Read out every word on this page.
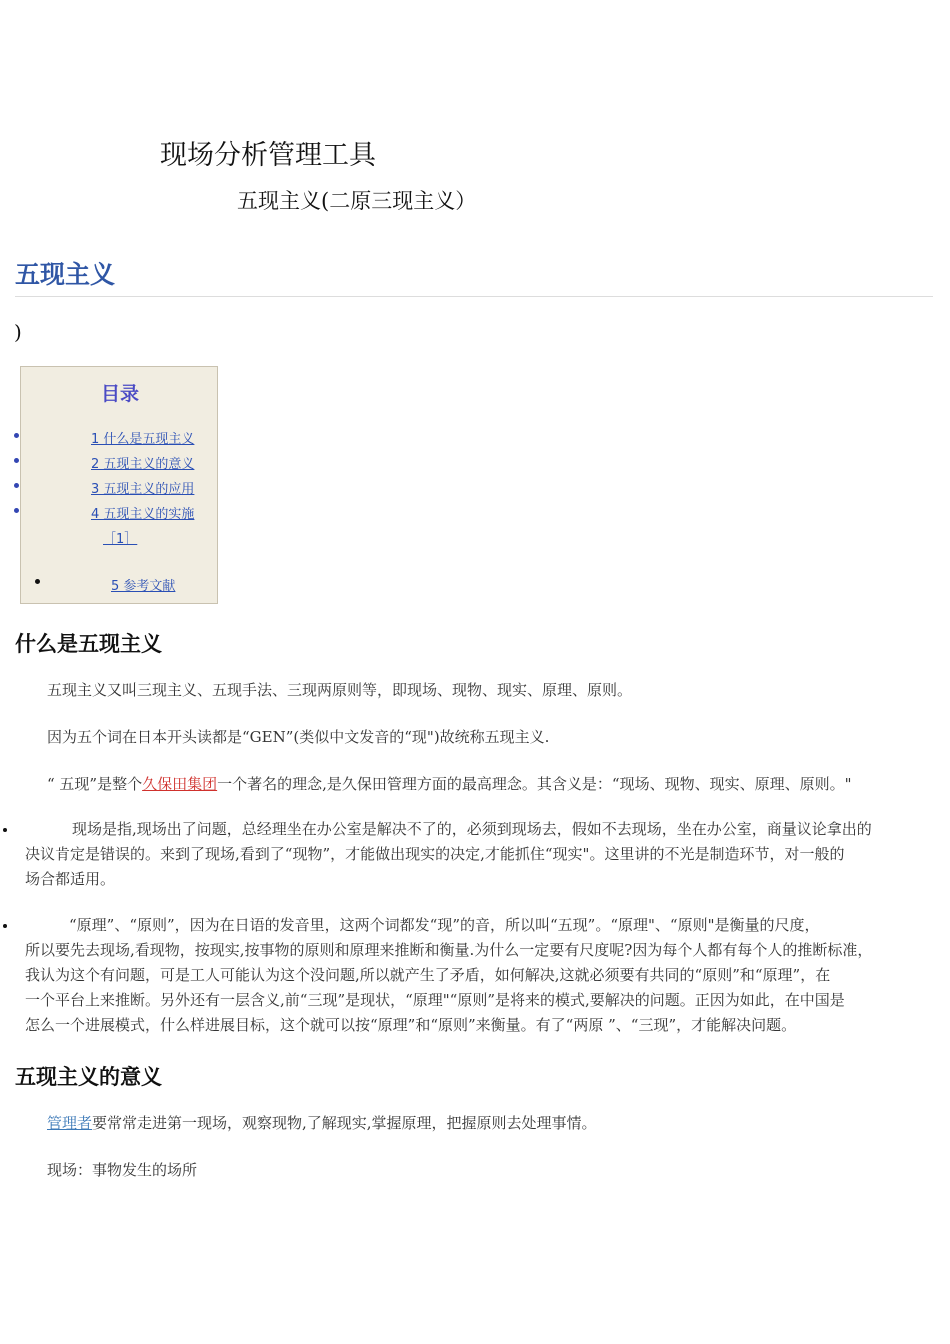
现场分析管理工具
五现主义(二原三现主义）
五现主义
)
目录
1 什么是五现主义
2 五现主义的意义
3 五现主义的应用
4 五现主义的实施
［1］
5 参考文献
什么是五现主义
五现主义又叫三现主义、五现手法、三现两原则等，即现场、现物、现实、原理、原则。
因为五个词在日本开头读都是“GEN”(类似中文发音的“现")故统称五现主义.
“ 五现”是整个久保田集团一个著名的理念,是久保田管理方面的最高理念。其含义是：“现场、现物、现实、原理、原则。"
现场是指,现场出了问题，总经理坐在办公室是解决不了的，必须到现场去，假如不去现场，坐在办公室，商量议论拿出的
决议肯定是错误的。来到了现场,看到了“现物”，才能做出现实的决定,才能抓住“现实"。这里讲的不光是制造环节，对一般的
场合都适用。
“原理”、“原则”，因为在日语的发音里，这两个词都发“现”的音，所以叫“五现”。“原理"、“原则"是衡量的尺度，
所以要先去现场,看现物，按现实,按事物的原则和原理来推断和衡量.为什么一定要有尺度呢?因为每个人都有每个人的推断标准，
我认为这个有问题，可是工人可能认为这个没问题,所以就产生了矛盾，如何解决,这就必须要有共同的“原则”和“原理”，在
一个平台上来推断。另外还有一层含义,前“三现”是现状，“原理"“原则”是将来的模式,要解决的问题。正因为如此，在中国是
怎么一个进展模式，什么样进展目标，这个就可以按“原理”和“原则”来衡量。有了“两原 ”、“三现”，才能解决问题。
五现主义的意义
管理者要常常走进第一现场，观察现物,了解现实,掌握原理，把握原则去处理事情。
现场：事物发生的场所
